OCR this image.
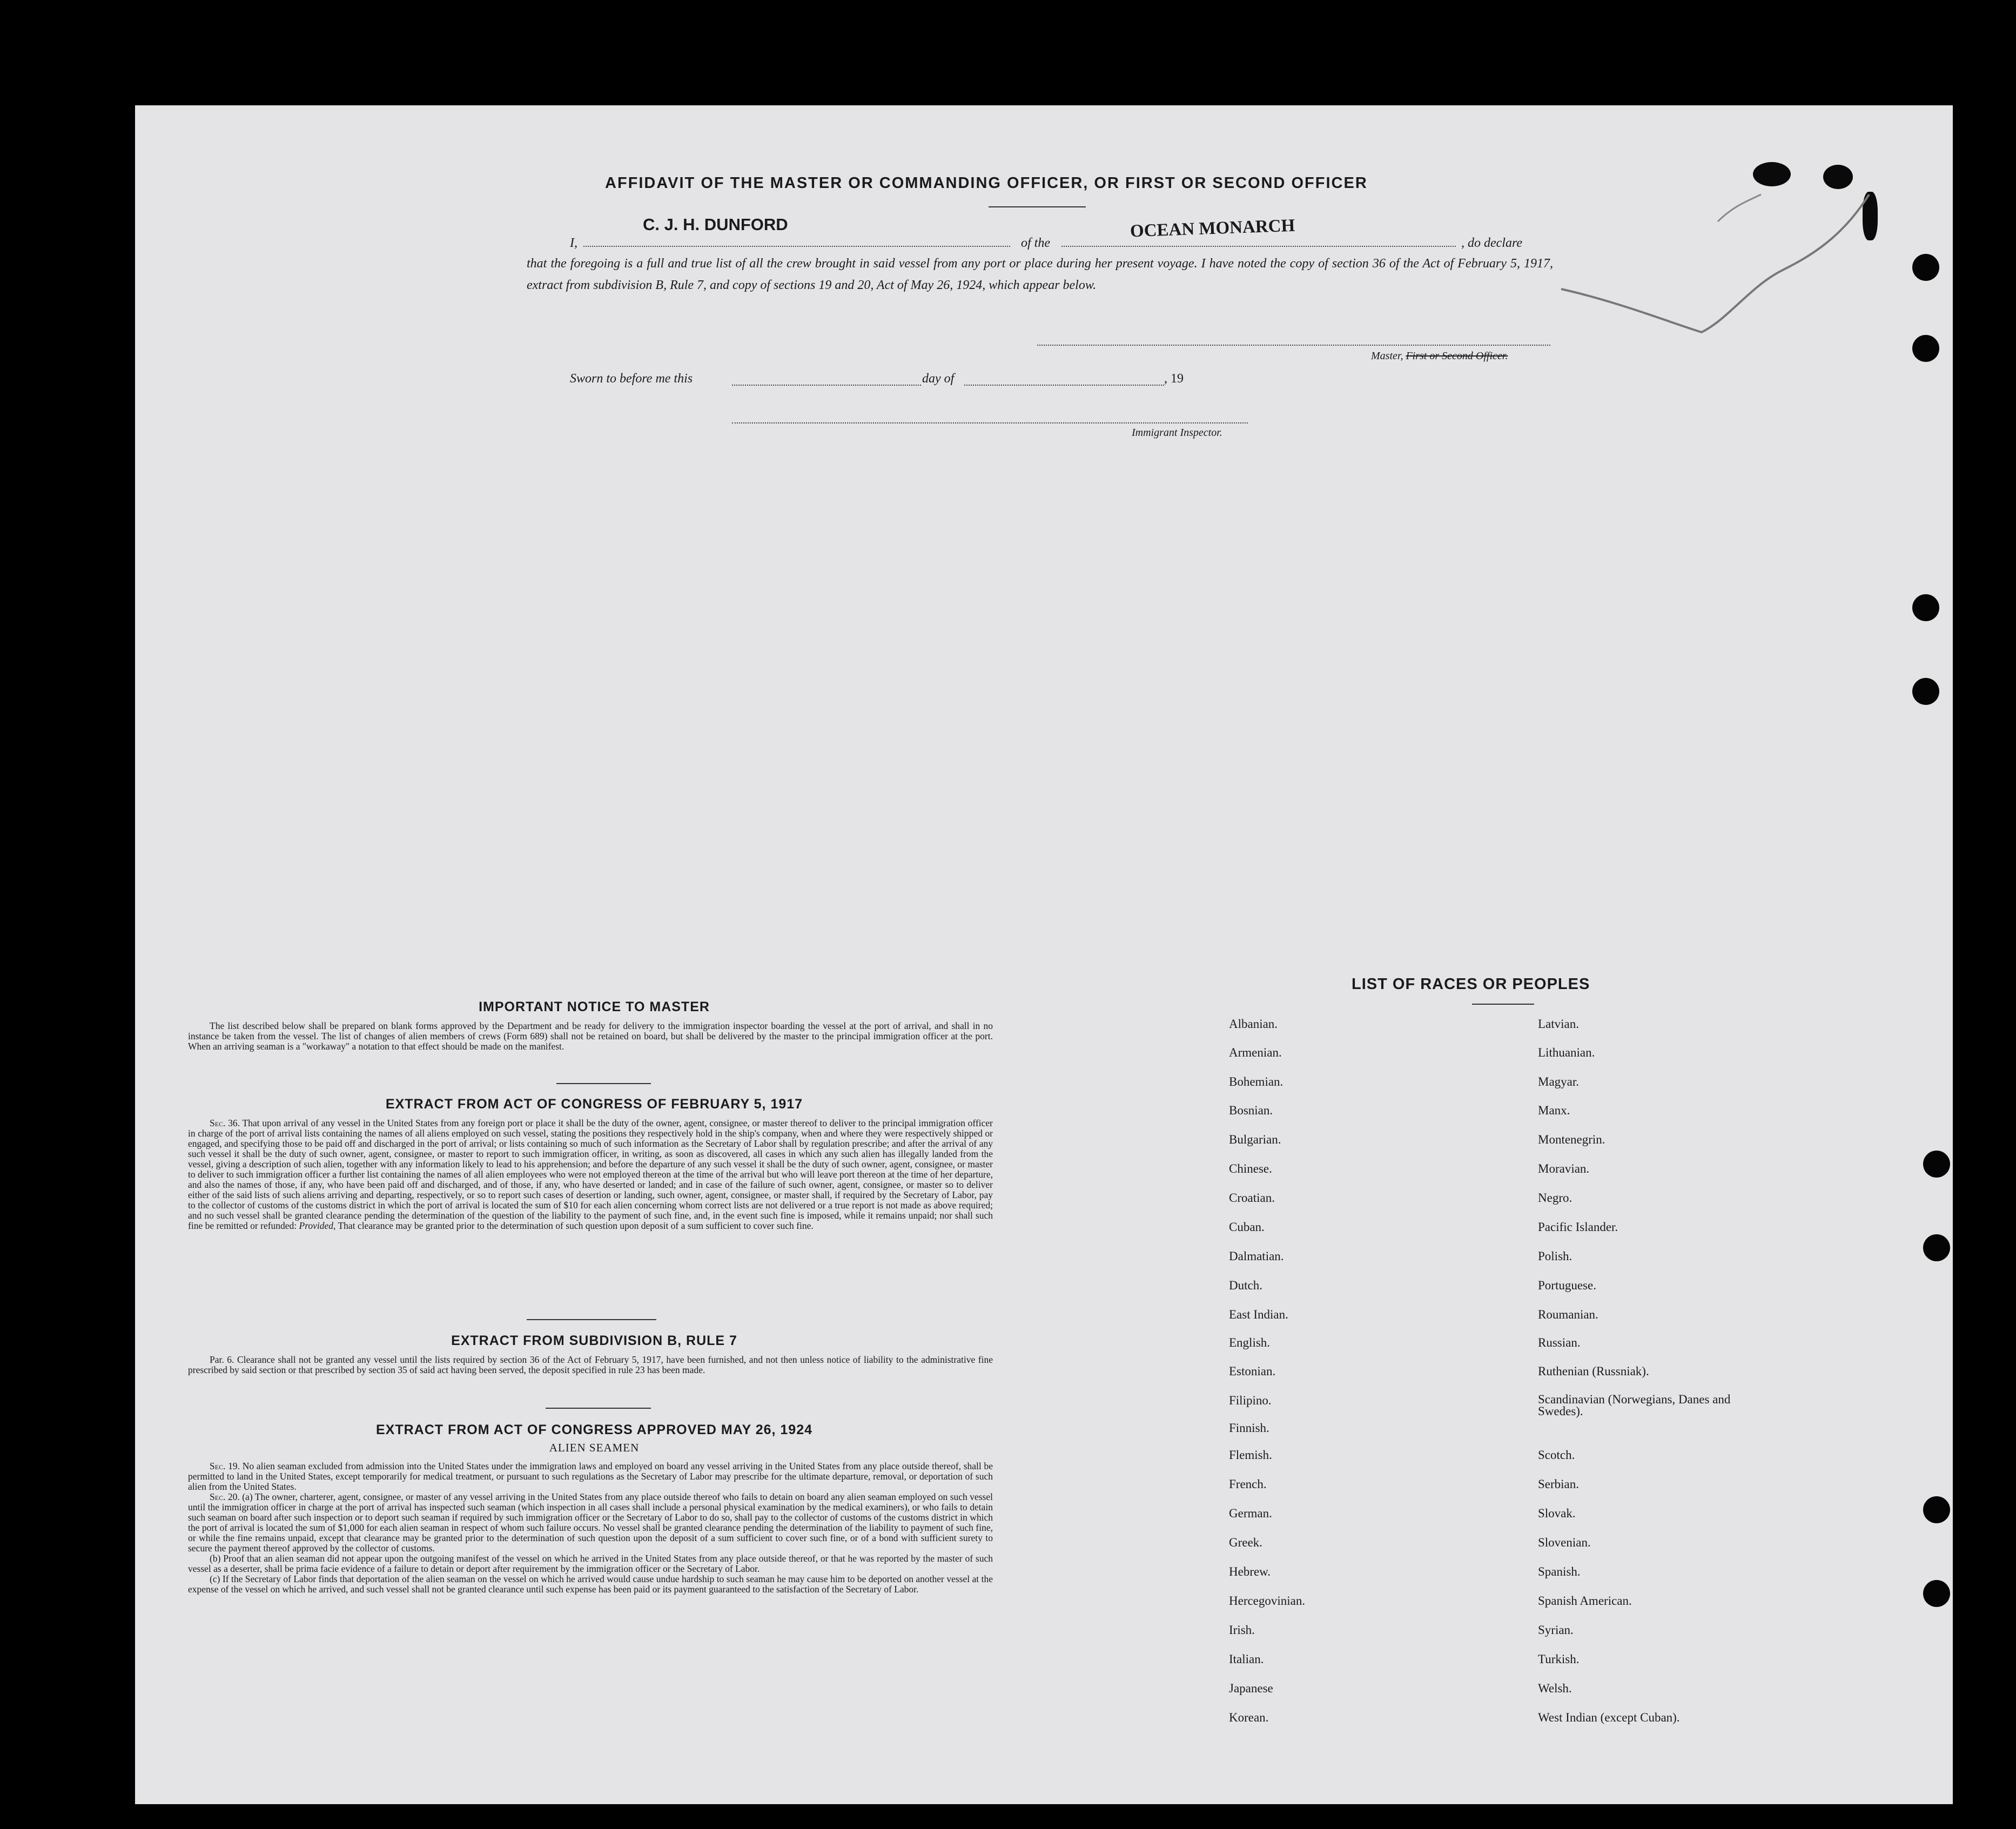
AFFIDAVIT OF THE MASTER OR COMMANDING OFFICER, OR FIRST OR SECOND OFFICER
I,
C. J. H. DUNFORD
of the
OCEAN MONARCH
, do declare
that the foregoing is a full and true list of all the crew brought in said vessel from any port or place during her present voyage. I have noted the copy of section 36 of the Act of February 5, 1917, extract from subdivision B, Rule 7, and copy of sections 19 and 20, Act of May 26, 1924, which appear below.
Master, First or Second Officer.
Sworn to before me this	day of	, 19
Immigrant Inspector.
IMPORTANT NOTICE TO MASTER

The list described below shall be prepared on blank forms approved by the Department and be ready for delivery to the immigration inspector boarding the vessel at the port of arrival, and shall in no instance be taken from the vessel. The list of changes of alien members of crews (Form 689) shall not be retained on board, but shall be delivered by the master to the principal immigration officer at the port. When an arriving seaman is a "workaway" a notation to that effect should be made on the manifest.

EXTRACT FROM ACT OF CONGRESS OF FEBRUARY 5, 1917

Sec. 36. That upon arrival of any vessel in the United States from any foreign port or place it shall be the duty of the owner, agent, consignee, or master thereof to deliver to the principal immigration officer in charge of the port of arrival lists containing the names of all aliens employed on such vessel, stating the positions they respectively hold in the ship's company, when and where they were respectively shipped or engaged, and specifying those to be paid off and discharged in the port of arrival; or lists containing so much of such information as the Secretary of Labor shall by regulation prescribe; and after the arrival of any such vessel it shall be the duty of such owner, agent, consignee, or master to report to such immigration officer, in writing, as soon as discovered, all cases in which any such alien has illegally landed from the vessel, giving a description of such alien, together with any information likely to lead to his apprehension; and before the departure of any such vessel it shall be the duty of such owner, agent, consignee, or master to deliver to such immigration officer a further list containing the names of all alien employees who were not employed thereon at the time of the arrival but who will leave port thereon at the time of her departure, and also the names of those, if any, who have been paid off and discharged, and of those, if any, who have deserted or landed; and in case of the failure of such owner, agent, consignee, or master so to deliver either of the said lists of such aliens arriving and departing, respectively, or so to report such cases of desertion or landing, such owner, agent, consignee, or master shall, if required by the Secretary of Labor, pay to the collector of customs of the customs district in which the port of arrival is located the sum of $10 for each alien concerning whom correct lists are not delivered or a true report is not made as above required; and no such vessel shall be granted clearance pending the determination of the question of the liability to the payment of such fine, and, in the event such fine is imposed, while it remains unpaid; nor shall such fine be remitted or refunded: Provided, That clearance may be granted prior to the determination of such question upon deposit of a sum sufficient to cover such fine.

EXTRACT FROM SUBDIVISION B, RULE 7

Par. 6. Clearance shall not be granted any vessel until the lists required by section 36 of the Act of February 5, 1917, have been furnished, and not then unless notice of liability to the administrative fine prescribed by said section or that prescribed by section 35 of said act having been served, the deposit specified in rule 23 has been made.

EXTRACT FROM ACT OF CONGRESS APPROVED MAY 26, 1924
ALIEN SEAMEN

Sec. 19. No alien seaman excluded from admission into the United States under the immigration laws and employed on board any vessel arriving in the United States from any place outside thereof, shall be permitted to land in the United States, except temporarily for medical treatment, or pursuant to such regulations as the Secretary of Labor may prescribe for the ultimate departure, removal, or deportation of such alien from the United States.

Sec. 20. (a) The owner, charterer, agent, consignee, or master of any vessel arriving in the United States from any place outside thereof who fails to detain on board any alien seaman employed on such vessel until the immigration officer in charge at the port of arrival has inspected such seaman (which inspection in all cases shall include a personal physical examination by the medical examiners), or who fails to detain such seaman on board after such inspection or to deport such seaman if required by such immigration officer or the Secretary of Labor to do so, shall pay to the collector of customs of the customs district in which the port of arrival is located the sum of $1,000 for each alien seaman in respect of whom such failure occurs. No vessel shall be granted clearance pending the determination of the liability to payment of such fine, or while the fine remains unpaid, except that clearance may be granted prior to the determination of such question upon the deposit of a sum sufficient to cover such fine, or of a bond with sufficient surety to secure the payment thereof approved by the collector of customs.

(b) Proof that an alien seaman did not appear upon the outgoing manifest of the vessel on which he arrived in the United States from any place outside thereof, or that he was reported by the master of such vessel as a deserter, shall be prima facie evidence of a failure to detain or deport after requirement by the immigration officer or the Secretary of Labor.

(c) If the Secretary of Labor finds that deportation of the alien seaman on the vessel on which he arrived would cause undue hardship to such seaman he may cause him to be deported on another vessel at the expense of the vessel on which he arrived, and such vessel shall not be granted clearance until such expense has been paid or its payment guaranteed to the satisfaction of the Secretary of Labor.

LIST OF RACES OR PEOPLES
Albanian.
Armenian.
Bohemian.
Bosnian.
Bulgarian.
Chinese.
Croatian.
Cuban.
Dalmatian.
Dutch.
East Indian.
English.
Estonian.
Filipino.
Finnish.
Flemish.
French.
German.
Greek.
Hebrew.
Hercegovinian.
Irish.
Italian.
Japanese
Korean.
Latvian.
Lithuanian.
Magyar.
Manx.
Montenegrin.
Moravian.
Negro.
Pacific Islander.
Polish.
Portuguese.
Roumanian.
Russian.
Ruthenian (Russniak).
Scandinavian (Norwegians, Danes and Swedes).
Scotch.
Serbian.
Slovak.
Slovenian.
Spanish.
Spanish American.
Syrian.
Turkish.
Welsh.
West Indian (except Cuban).
